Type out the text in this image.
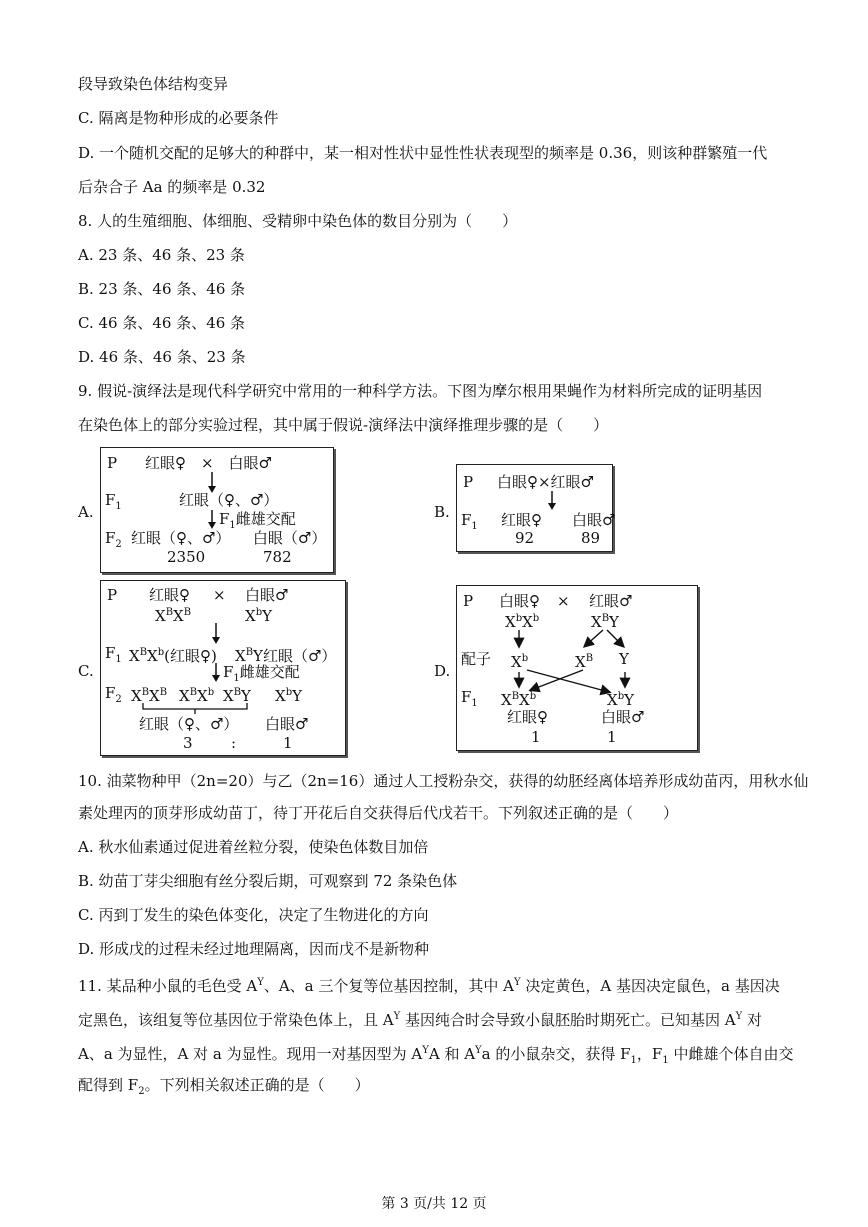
段导致染色体结构变异
C. 隔离是物种形成的必要条件
D. 一个随机交配的足够大的种群中，某一相对性状中显性性状表现型的频率是 0.36，则该种群繁殖一代
后杂合子 Aa 的频率是 0.32
8. 人的生殖细胞、体细胞、受精卵中染色体的数目分别为（　　）
A. 23 条、46 条、23 条
B. 23 条、46 条、46 条
C. 46 条、46 条、46 条
D. 46 条、46 条、23 条
9. 假说-演绎法是现代科学研究中常用的一种科学方法。下图为摩尔根用果蝇作为材料所完成的证明基因
在染色体上的部分实验过程，其中属于假说-演绎法中演绎推理步骤的是（　　）
A.
P 红眼♀　×　白眼♂
$F_1$	红眼（♀、♂）
$F_1$雌雄交配
$F_2$ 红眼（♀、♂）　　白眼（♂）
2350	782
B.
P 白眼♀×红眼♂
$F_1$ 红眼♀　　白眼♂
92	89
C.
P 红眼♀ × 白眼♂
$X^BX^B$	$X^bY$
$F_1$ $X^BX^b$(红眼♀) $X^BY$红眼（♂）
$F_1$雌雄交配
$F_2$ $X^BX^B$ $X^BX^b$ $X^BY$ $X^bY$
红眼（♀、♂） 白眼♂
3	:	1
D.
P 白眼♀ × 红眼♂
$X^bX^b$	$X^BY$
配子 $X^b$	$X^B$ Y
$F_1$ $X^BX^b$	$X^bY$
红眼♀	白眼♂
1	1
10. 油菜物种甲（2n=20）与乙（2n=16）通过人工授粉杂交，获得的幼胚经离体培养形成幼苗丙，用秋水仙
素处理丙的顶芽形成幼苗丁，待丁开花后自交获得后代戊若干。下列叙述正确的是（　　）
A. 秋水仙素通过促进着丝粒分裂，使染色体数目加倍
B. 幼苗丁芽尖细胞有丝分裂后期，可观察到 72 条染色体
C. 丙到丁发生的染色体变化，决定了生物进化的方向
D. 形成戊的过程未经过地理隔离，因而戊不是新物种
11. 某品种小鼠的毛色受 $A^Y$、A、a 三个复等位基因控制，其中 $A^Y$ 决定黄色，A 基因决定鼠色，a 基因决
定黑色，该组复等位基因位于常染色体上，且 $A^Y$ 基因纯合时会导致小鼠胚胎时期死亡。已知基因 $A^Y$ 对
A、a 为显性，A 对 a 为显性。现用一对基因型为 $A^YA$ 和 $A^Ya$ 的小鼠杂交，获得 $F_1$，$F_1$ 中雌雄个体自由交
配得到 $F_2$。下列相关叙述正确的是（　　）
第 3 页/共 12 页
